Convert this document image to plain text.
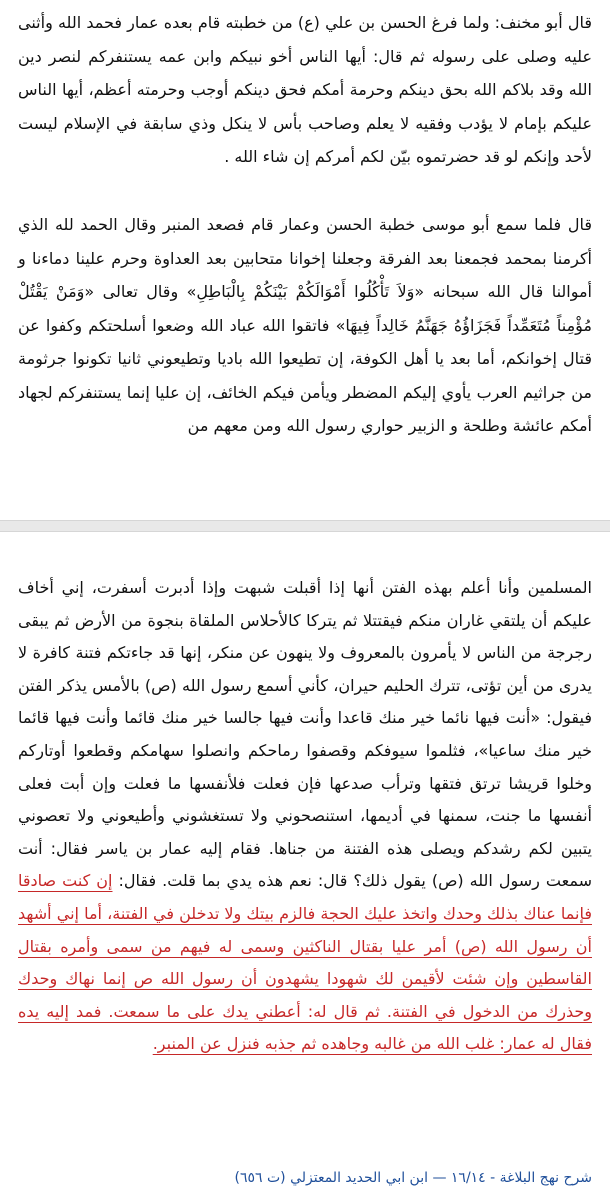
قال أبو مخنف: ولما فرغ الحسن بن علي (ع) من خطبته قام بعده عمار فحمد الله وأثنى عليه وصلى على رسوله ثم قال: أيها الناس أخو نبيكم وابن عمه يستنفركم لنصر دين الله وقد بلاكم الله بحق دينكم وحرمة أمكم فحق دينكم أوجب وحرمته أعظم، أيها الناس عليكم بإمام لا يؤدب وفقيه لا يعلم وصاحب بأس لا ينكل وذي سابقة في الإسلام ليست لأحد وإنكم لو قد حضرتموه بيّن لكم أمركم إن شاء الله .

قال فلما سمع أبو موسى خطبة الحسن وعمار قام فصعد المنبر وقال الحمد لله الذي أكرمنا بمحمد فجمعنا بعد الفرقة وجعلنا إخوانا متحابين بعد العداوة وحرم علينا دماءنا و أموالنا قال الله سبحانه «وَلاَ تَأْكُلُوا أَمْوَالَكُمْ بَيْنَكُمْ بِالْبَاطِلِ» وقال تعالى «وَمَنْ يَقْتُلْ مُؤْمِناً مُتَعَمِّداً فَجَزَاؤُهُ جَهَنَّمُ خَالِداً فِيهَا» فاتقوا الله عباد الله وضعوا أسلحتكم وكفوا عن قتال إخوانكم، أما بعد يا أهل الكوفة، إن تطيعوا الله باديا وتطيعوني ثانيا تكونوا جرثومة من جراثيم العرب يأوي إليكم المضطر ويأمن فيكم الخائف، إن عليا إنما يستنفركم لجهاد أمكم عائشة وطلحة و الزبير حواري رسول الله ومن معهم من

المسلمين وأنا أعلم بهذه الفتن أنها إذا أقبلت شبهت وإذا أدبرت أسفرت، إني أخاف عليكم أن يلتقي غاران منكم فيقتتلا ثم يتركا كالأحلاس الملقاة بنجوة من الأرض ثم يبقى رجرجة من الناس لا يأمرون بالمعروف ولا ينهون عن منكر، إنها قد جاءتكم فتنة كافرة لا يدرى من أين تؤتى، تترك الحليم حيران، كأني أسمع رسول الله (ص) بالأمس يذكر الفتن فيقول: «أنت فيها نائما خير منك قاعدا وأنت فيها جالسا خير منك قائما وأنت فيها قائما خير منك ساعيا»، فثلموا سيوفكم وقصفوا رماحكم وانصلوا سهامكم وقطعوا أوتاركم وخلوا قريشا ترتق فتقها وترأب صدعها فإن فعلت فلأنفسها ما فعلت وإن أبت فعلى أنفسها ما جنت، سمنها في أديمها، استنصحوني ولا تستغشوني وأطيعوني ولا تعصوني يتبين لكم رشدكم ويصلى هذه الفتنة من جناها. فقام إليه عمار بن ياسر فقال: أنت سمعت رسول الله (ص) يقول ذلك؟ قال: نعم هذه يدي بما قلت. فقال: إن كنت صادقا فإنما عناك بذلك وحدك واتخذ عليك الحجة فالزم بيتك ولا تدخلن في الفتنة، أما إني أشهد أن رسول الله (ص) أمر عليا بقتال الناكثين وسمى له فيهم من سمى وأمره بقتال القاسطين وإن شئت لأقيمن لك شهودا يشهدون أن رسول الله ص إنما نهاك وحدك وحذرك من الدخول في الفتنة. ثم قال له: أعطني يدك على ما سمعت. فمد إليه يده فقال له عمار: غلب الله من غالبه وجاهده ثم جذبه فنزل عن المنبر.

شرح نهج البلاغة - ١٦/١٤ — ابن ابي الحديد المعتزلي (ت ٦٥٦)
